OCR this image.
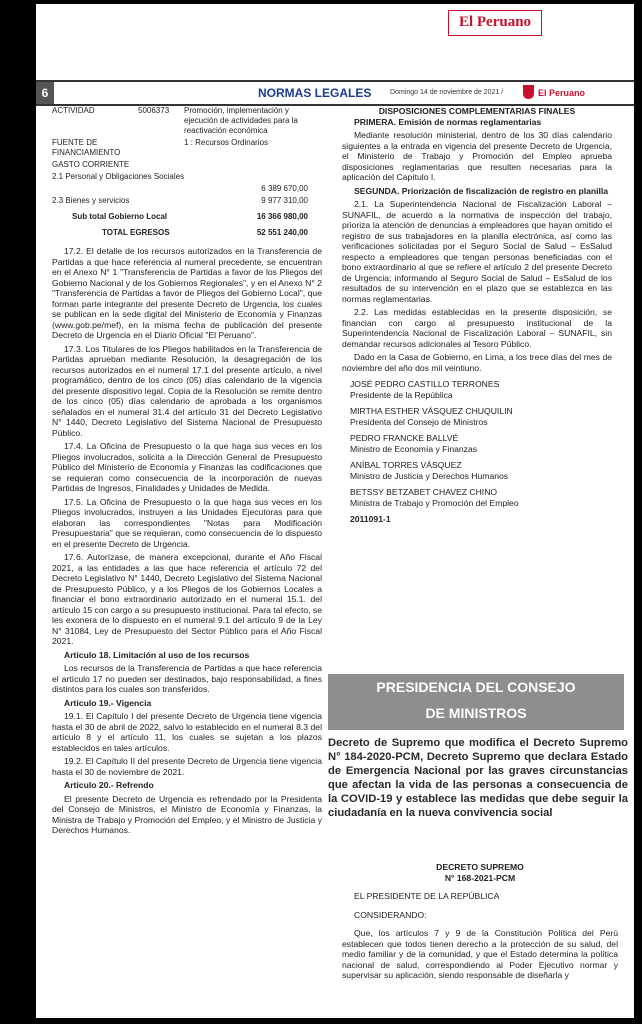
El Peruano
6	NORMAS LEGALES	Domingo 14 de noviembre de 2021 /	El Peruano
ACTIVIDAD	5006373	Promoción, implementación y ejecución de actividades para la reactivación económica
FUENTE DE FINANCIAMIENTO
1 : Recursos Ordinarios
GASTO CORRIENTE
2.1 Personal y Obligaciones Sociales
6 389 670,00
2.3 Bienes y servicios	9 977 310,00
Sub total Gobierno Local	16 366 980,00
TOTAL EGRESOS	52 551 240,00

17.2. El detalle de los recursos autorizados en la Transferencia de Partidas a que hace referencia al numeral precedente, se encuentran en el Anexo N° 1 "Transferencia de Partidas a favor de los Pliegos del Gobierno Nacional y de los Gobiernos Regionales", y en el Anexo N° 2 "Transferencia de Partidas a favor de Pliegos del Gobierno Local", que forman parte integrante del presente Decreto de Urgencia, los cuales se publican en la sede digital del Ministerio de Economía y Finanzas (www.gob.pe/mef), en la misma fecha de publicación del presente Decreto de Urgencia en el Diario Oficial "El Peruano".

17.3. Los Titulares de los Pliegos habilitados en la Transferencia de Partidas aprueban mediante Resolución, la desagregación de los recursos autorizados en el numeral 17.1 del presente artículo, a nivel programático, dentro de los cinco (05) días calendario de la vigencia del presente dispositivo legal. Copia de la Resolución se remite dentro de los cinco (05) días calendario de aprobada a los organismos señalados en el numeral 31.4 del artículo 31 del Decreto Legislativo N° 1440, Decreto Legislativo del Sistema Nacional de Presupuesto Público.

17.4. La Oficina de Presupuesto o la que haga sus veces en los Pliegos involucrados, solicita a la Dirección General de Presupuesto Público del Ministerio de Economía y Finanzas las codificaciones que se requieran como consecuencia de la incorporación de nuevas Partidas de Ingresos, Finalidades y Unidades de Medida.

17.5. La Oficina de Presupuesto o la que haga sus veces en los Pliegos involucrados, instruyen a las Unidades Ejecutoras para que elaboran las correspondientes "Notas para Modificación Presupuestaria" que se requieran, como consecuencia de lo dispuesto en el presente Decreto de Urgencia.

17.6. Autorízase, de manera excepcional, durante el Año Fiscal 2021, a las entidades a las que hace referencia el artículo 72 del Decreto Legislativo N° 1440, Decreto Legislativo del Sistema Nacional de Presupuesto Público, y a los Pliegos de los Gobiernos Locales a financiar el bono extraordinario autorizado en el numeral 15.1. del artículo 15 con cargo a su presupuesto institucional. Para tal efecto, se les exonera de lo dispuesto en el numeral 9.1 del artículo 9 de la Ley N° 31084, Ley de Presupuesto del Sector Público para el Año Fiscal 2021.

Artículo 18. Limitación al uso de los recursos

Los recursos de la Transferencia de Partidas a que hace referencia el artículo 17 no pueden ser destinados, bajo responsabilidad, a fines distintos para los cuales son transferidos.

Artículo 19.- Vigencia

19.1. El Capítulo I del presente Decreto de Urgencia tiene vigencia hasta el 30 de abril de 2022, salvo lo establecido en el numeral 8.3 del artículo 8 y el artículo 11, los cuales se sujetan a los plazos establecidos en tales artículos.

19.2. El Capítulo II del presente Decreto de Urgencia tiene vigencia hasta el 30 de noviembre de 2021.

Artículo 20.- Refrendo

El presente Decreto de Urgencia es refrendado por la Presidenta del Consejo de Ministros, el Ministro de Economía y Finanzas, la Ministra de Trabajo y Promoción del Empleo, y el Ministro de Justicia y Derechos Humanos.

DISPOSICIONES COMPLEMENTARIAS FINALES

PRIMERA. Emisión de normas reglamentarias

Mediante resolución ministerial, dentro de los 30 días calendario siguientes a la entrada en vigencia del presente Decreto de Urgencia, el Ministerio de Trabajo y Promoción del Empleo aprueba disposiciones reglamentarias que resulten necesarias para la aplicación del Capítulo I.

SEGUNDA. Priorización de fiscalización de registro en planilla

2.1. La Superintendencia Nacional de Fiscalización Laboral – SUNAFIL, de acuerdo a la normativa de inspección del trabajo, prioriza la atención de denuncias a empleadores que hayan omitido el registro de sus trabajadores en la planilla electrónica, así como las verificaciones solicitadas por el Seguro Social de Salud – EsSalud respecto a empleadores que tengan personas beneficiadas con el bono extraordinario al que se refiere el artículo 2 del presente Decreto de Urgencia; informando al Seguro Social de Salud – EsSalud de los resultados de su intervención en el plazo que se establezca en las normas reglamentarias.

2.2. Las medidas establecidas en la presente disposición, se financian con cargo al presupuesto institucional de la Superintendencia Nacional de Fiscalización Laboral – SUNAFIL, sin demandar recursos adicionales al Tesoro Público.

Dado en la Casa de Gobierno, en Lima, a los trece días del mes de noviembre del año dos mil veintiuno.

JOSÉ PEDRO CASTILLO TERRONES
Presidente de la República
MIRTHA ESTHER VÁSQUEZ CHUQUILIN
Presidenta del Consejo de Ministros
PEDRO FRANCKE BALLVÉ
Ministro de Economía y Finanzas
ANÍBAL TORRES VÁSQUEZ
Ministro de Justicia y Derechos Humanos
BETSSY BETZABET CHAVEZ CHINO
Ministra de Trabajo y Promoción del Empleo
2011091-1
PRESIDENCIA DEL CONSEJO
DE MINISTROS
Decreto de Supremo que modifica el Decreto Supremo N° 184-2020-PCM, Decreto Supremo que declara Estado de Emergencia Nacional por las graves circunstancias que afectan la vida de las personas a consecuencia de la COVID-19 y establece las medidas que debe seguir la ciudadanía en la nueva convivencia social

DECRETO SUPREMO

N° 168-2021-PCM

EL PRESIDENTE DE LA REPÚBLICA

CONSIDERANDO:

Que, los artículos 7 y 9 de la Constitución Política del Perú establecen que todos tienen derecho a la protección de su salud, del medio familiar y de la comunidad, y que el Estado determina la política nacional de salud, correspondiendo al Poder Ejecutivo normar y supervisar su aplicación, siendo responsable de diseñarla y
